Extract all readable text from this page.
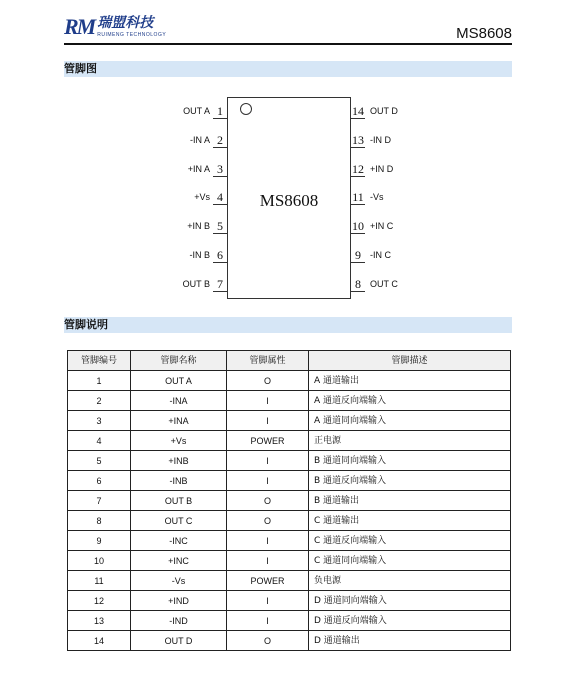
RM 瑞盟科技
RUIMENG TECHNOLOGY	MS8608
管脚图
MS8608
OUT A 1
-IN A 2
+IN A 3
+Vs 4
+IN B 5
-IN B 6
OUT B 7
OUT D
14
-IN D
13
+IN D
12
-Vs
11
+IN C
10
-IN C
9
OUT C
8
管脚说明
管脚编号	管脚名称	管脚属性	管脚描述
1	OUT A	O	A 通道输出
2	-INA	I	A 通道反向端输入
3	+INA	I	A 通道同向端输入
4	+Vs	POWER	正电源
5	+INB	I	B 通道同向端输入
6	-INB	I	B 通道反向端输入
7	OUT B	O	B 通道输出
8	OUT C	O	C 通道输出
9	-INC	I	C 通道反向端输入
10	+INC	I	C 通道同向端输入
11	-Vs	POWER	负电源
12	+IND	I	D 通道同向端输入
13	-IND	I	D 通道反向端输入
14	OUT D	O	D 通道输出
